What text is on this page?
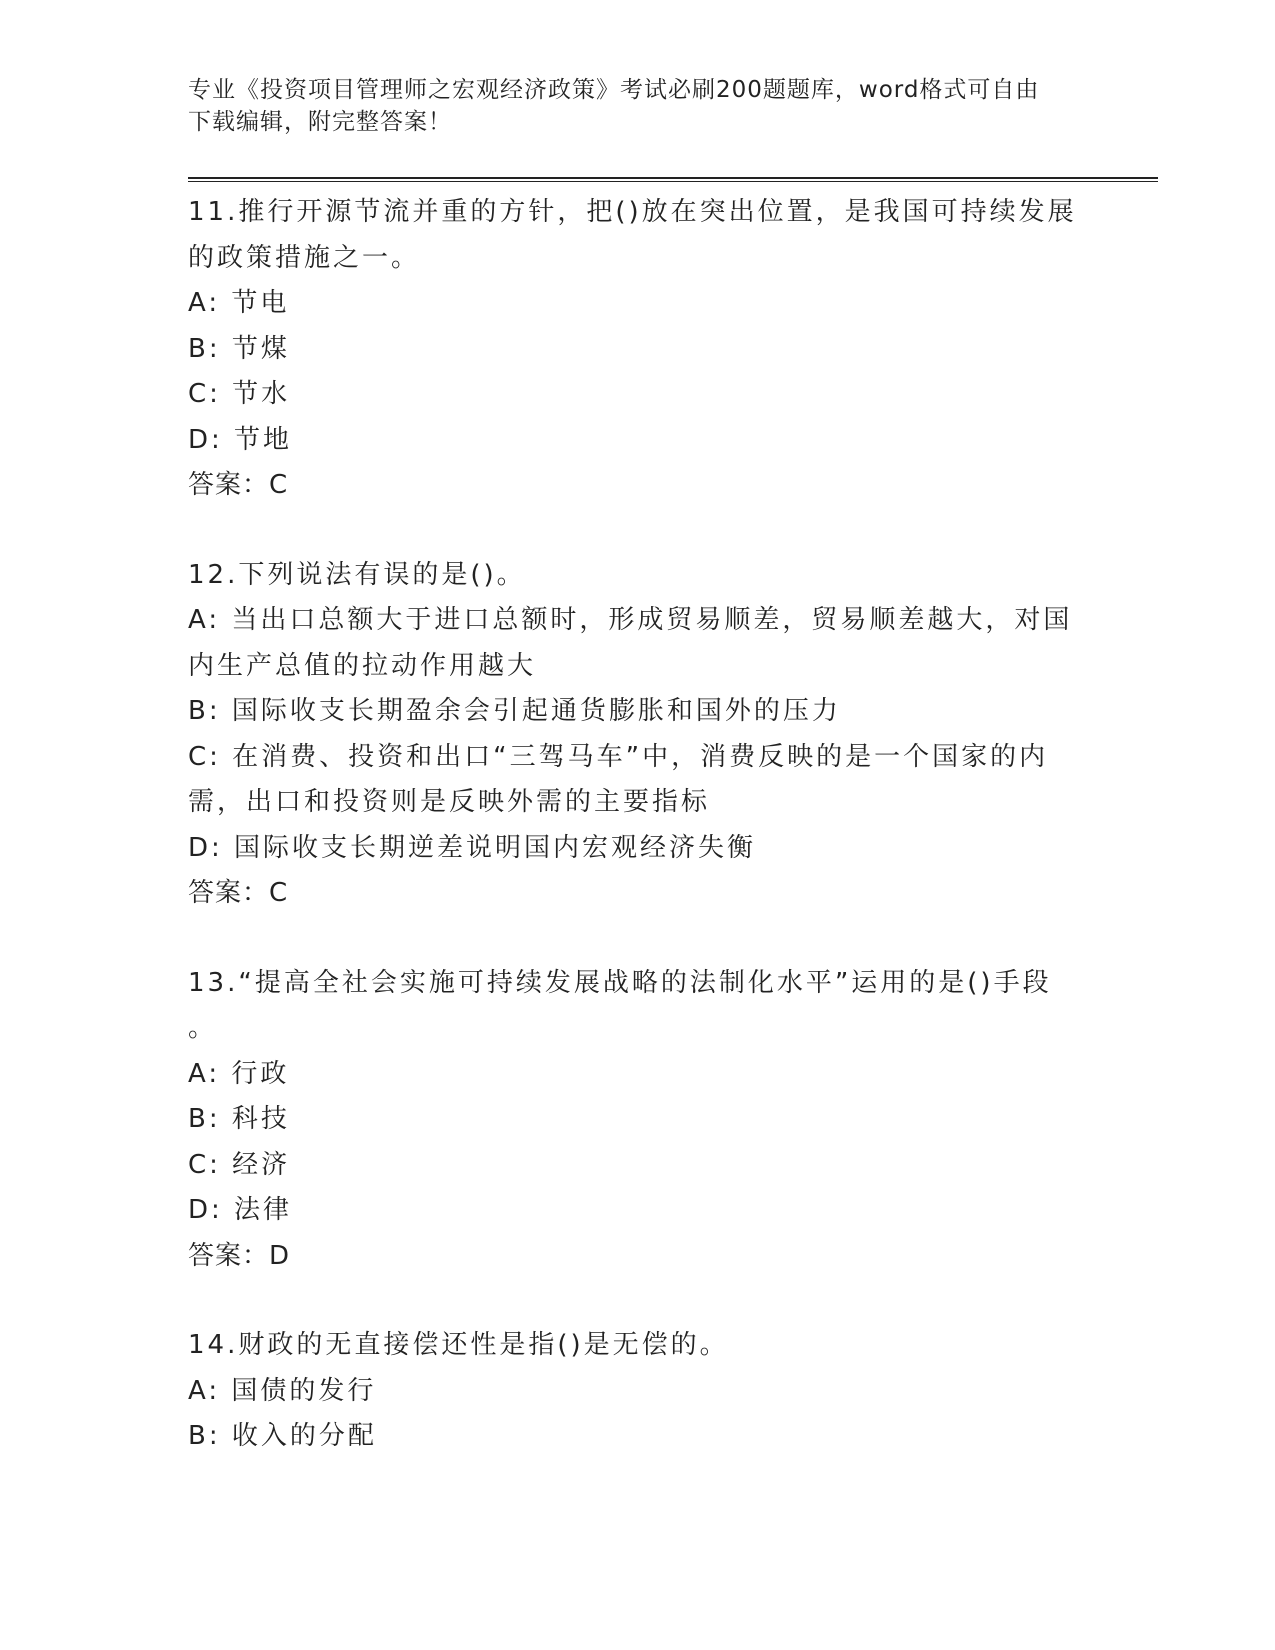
专业《投资项目管理师之宏观经济政策》考试必刷200题题库，word格式可自由
下载编辑，附完整答案！
11.推行开源节流并重的方针，把()放在突出位置，是我国可持续发展
的政策措施之一。
A: 节电
B: 节煤
C: 节水
D: 节地
答案：C
12.下列说法有误的是()。
A: 当出口总额大于进口总额时，形成贸易顺差，贸易顺差越大，对国
内生产总值的拉动作用越大
B: 国际收支长期盈余会引起通货膨胀和国外的压力
C: 在消费、投资和出口“三驾马车”中，消费反映的是一个国家的内
需，出口和投资则是反映外需的主要指标
D: 国际收支长期逆差说明国内宏观经济失衡
答案：C
13.“提高全社会实施可持续发展战略的法制化水平”运用的是()手段
。
A: 行政
B: 科技
C: 经济
D: 法律
答案：D
14.财政的无直接偿还性是指()是无偿的。
A: 国债的发行
B: 收入的分配
